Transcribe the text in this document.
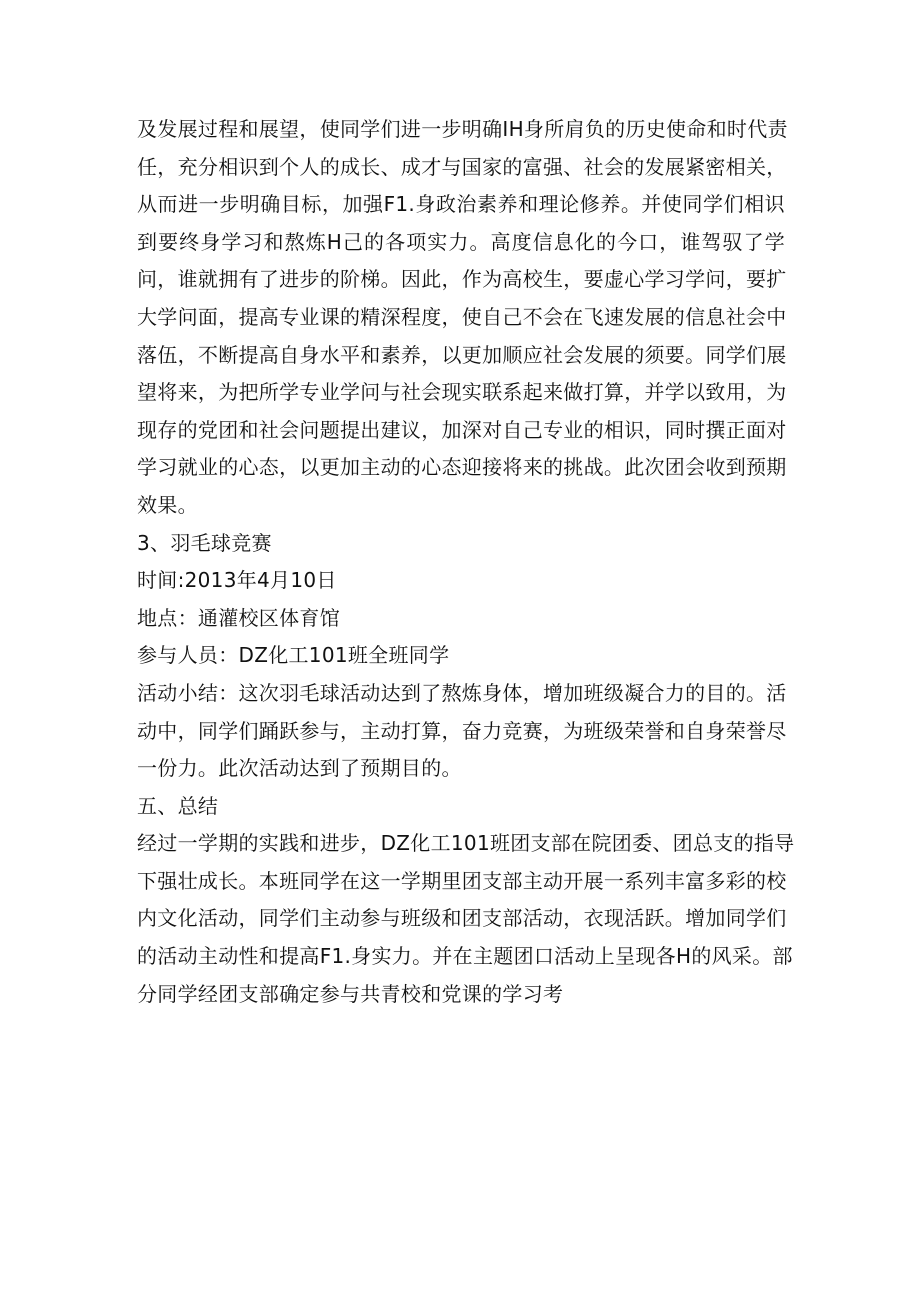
及发展过程和展望，使同学们进一步明确IH身所肩负的历史使命和时代责
任，充分相识到个人的成长、成才与国家的富强、社会的发展紧密相关，
从而进一步明确目标，加强F1.身政治素养和理论修养。并使同学们相识
到要终身学习和熬炼H己的各项实力。高度信息化的今口，谁驾驭了学
问，谁就拥有了进步的阶梯。因此，作为高校生，要虚心学习学问，要扩
大学问面，提高专业课的精深程度，使自己不会在飞速发展的信息社会中
落伍，不断提高自身水平和素养，以更加顺应社会发展的须要。同学们展
望将来，为把所学专业学问与社会现实联系起来做打算，并学以致用，为
现存的党团和社会问题提出建议，加深对自己专业的相识，同时撰正面对
学习就业的心态，以更加主动的心态迎接将来的挑战。此次团会收到预期
效果。
3、羽毛球竞赛
时间:2013年4月10日
地点：通灌校区体育馆
参与人员：DZ化工101班全班同学
活动小结：这次羽毛球活动达到了熬炼身体，增加班级凝合力的目的。活
动中，同学们踊跃参与，主动打算，奋力竞赛，为班级荣誉和自身荣誉尽
一份力。此次活动达到了预期目的。
五、总结
经过一学期的实践和进步，DZ化工101班团支部在院团委、团总支的指导
下强壮成长。本班同学在这一学期里团支部主动开展一系列丰富多彩的校
内文化活动，同学们主动参与班级和团支部活动，衣现活跃。增加同学们
的活动主动性和提高F1.身实力。并在主题团口活动上呈现各H的风采。部
分同学经团支部确定参与共青校和党课的学习考
